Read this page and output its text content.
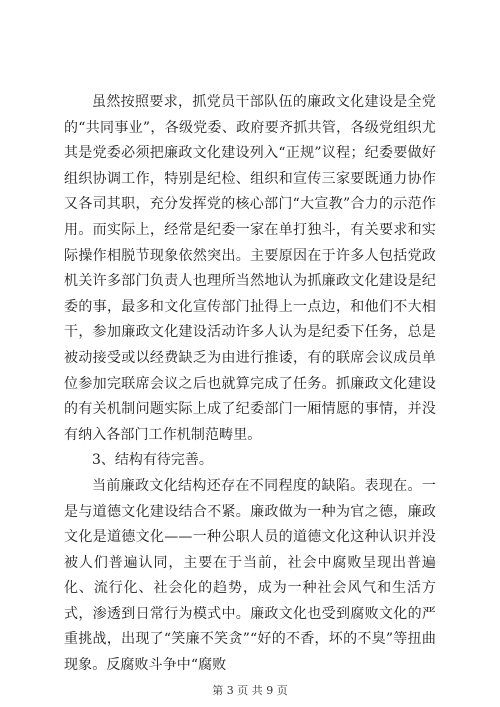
虽然按照要求，抓党员干部队伍的廉政文化建设是全党的“共同事业”，各级党委、政府要齐抓共管，各级党组织尤其是党委必须把廉政文化建设列入“正规”议程；纪委要做好组织协调工作，特别是纪检、组织和宣传三家要既通力协作又各司其职，充分发挥党的核心部门“大宣教”合力的示范作用。而实际上，经常是纪委一家在单打独斗，有关要求和实际操作相脱节现象依然突出。主要原因在于许多人包括党政机关许多部门负责人也理所当然地认为抓廉政文化建设是纪委的事，最多和文化宣传部门扯得上一点边，和他们不大相干，参加廉政文化建设活动许多人认为是纪委下任务，总是被动接受或以经费缺乏为由进行推诿，有的联席会议成员单位参加完联席会议之后也就算完成了任务。抓廉政文化建设的有关机制问题实际上成了纪委部门一厢情愿的事情，并没有纳入各部门工作机制范畴里。

3、结构有待完善。

当前廉政文化结构还存在不同程度的缺陷。表现在。一是与道德文化建设结合不紧。廉政做为一种为官之德，廉政文化是道德文化——一种公职人员的道德文化这种认识并没被人们普遍认同，主要在于当前，社会中腐败呈现出普遍化、流行化、社会化的趋势，成为一种社会风气和生活方式，渗透到日常行为模式中。廉政文化也受到腐败文化的严重挑战，出现了“笑廉不笑贪”“好的不香，坏的不臭”等扭曲现象。反腐败斗争中“腐败

第 3 页 共 9 页
